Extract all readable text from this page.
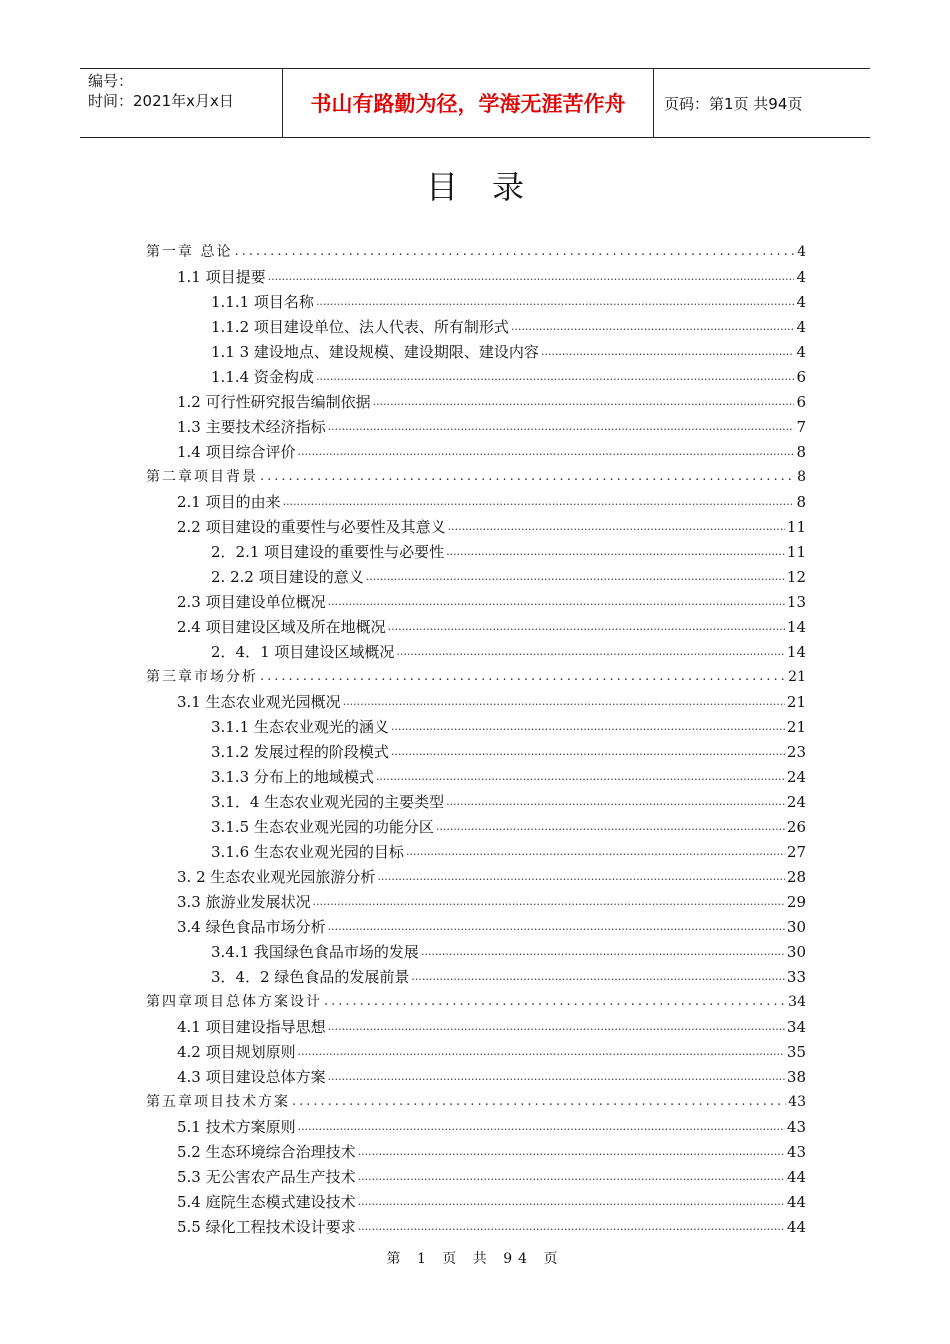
编号：
时间：2021年x月x日	书山有路勤为径，学海无涯苦作舟	页码：第1页 共94页
目录
第一章 总论 .....	4
1.1 项目提要 .....	4
1.1.1 项目名称 .....	4
1.1.2 项目建设单位、法人代表、所有制形式 .....	4
1.1 3 建设地点、建设规模、建设期限、建设内容 .....	4
1.1.4 资金构成 .....	6
1.2 可行性研究报告编制依据 .....	6
1.3 主要技术经济指标 .....	7
1.4 项目综合评价 .....	8
第二章项目背景 .....	8
2.1 项目的由来 .....	8
2.2 项目建设的重要性与必要性及其意义 .....	11
2．2.1 项目建设的重要性与必要性 .....	11
2. 2.2 项目建设的意义 .....	12
2.3 项目建设单位概况 .....	13
2.4 项目建设区域及所在地概况 .....	14
2．4．1 项目建设区域概况 .....	14
第三章市场分析 .....	21
3.1 生态农业观光园概况 .....	21
3.1.1 生态农业观光的涵义 .....	21
3.1.2 发展过程的阶段模式 .....	23
3.1.3 分布上的地域模式 .....	24
3.1．4 生态农业观光园的主要类型 .....	24
3.1.5 生态农业观光园的功能分区 .....	26
3.1.6 生态农业观光园的目标 .....	27
3. 2 生态农业观光园旅游分析 .....	28
3.3 旅游业发展状况 .....	29
3.4 绿色食品市场分析 .....	30
3.4.1 我国绿色食品市场的发展 .....	30
3．4．2 绿色食品的发展前景 .....	33
第四章项目总体方案设计 .....	34
4.1 项目建设指导思想 .....	34
4.2 项目规划原则 .....	35
4.3 项目建设总体方案 .....	38
第五章项目技术方案 .....	43
5.1 技术方案原则 .....	43
5.2 生态环境综合治理技术 .....	43
5.3 无公害农产品生产技术 .....	44
5.4 庭院生态模式建设技术 .....	44
5.5 绿化工程技术设计要求 .....	44
第 1 页 共 94 页
